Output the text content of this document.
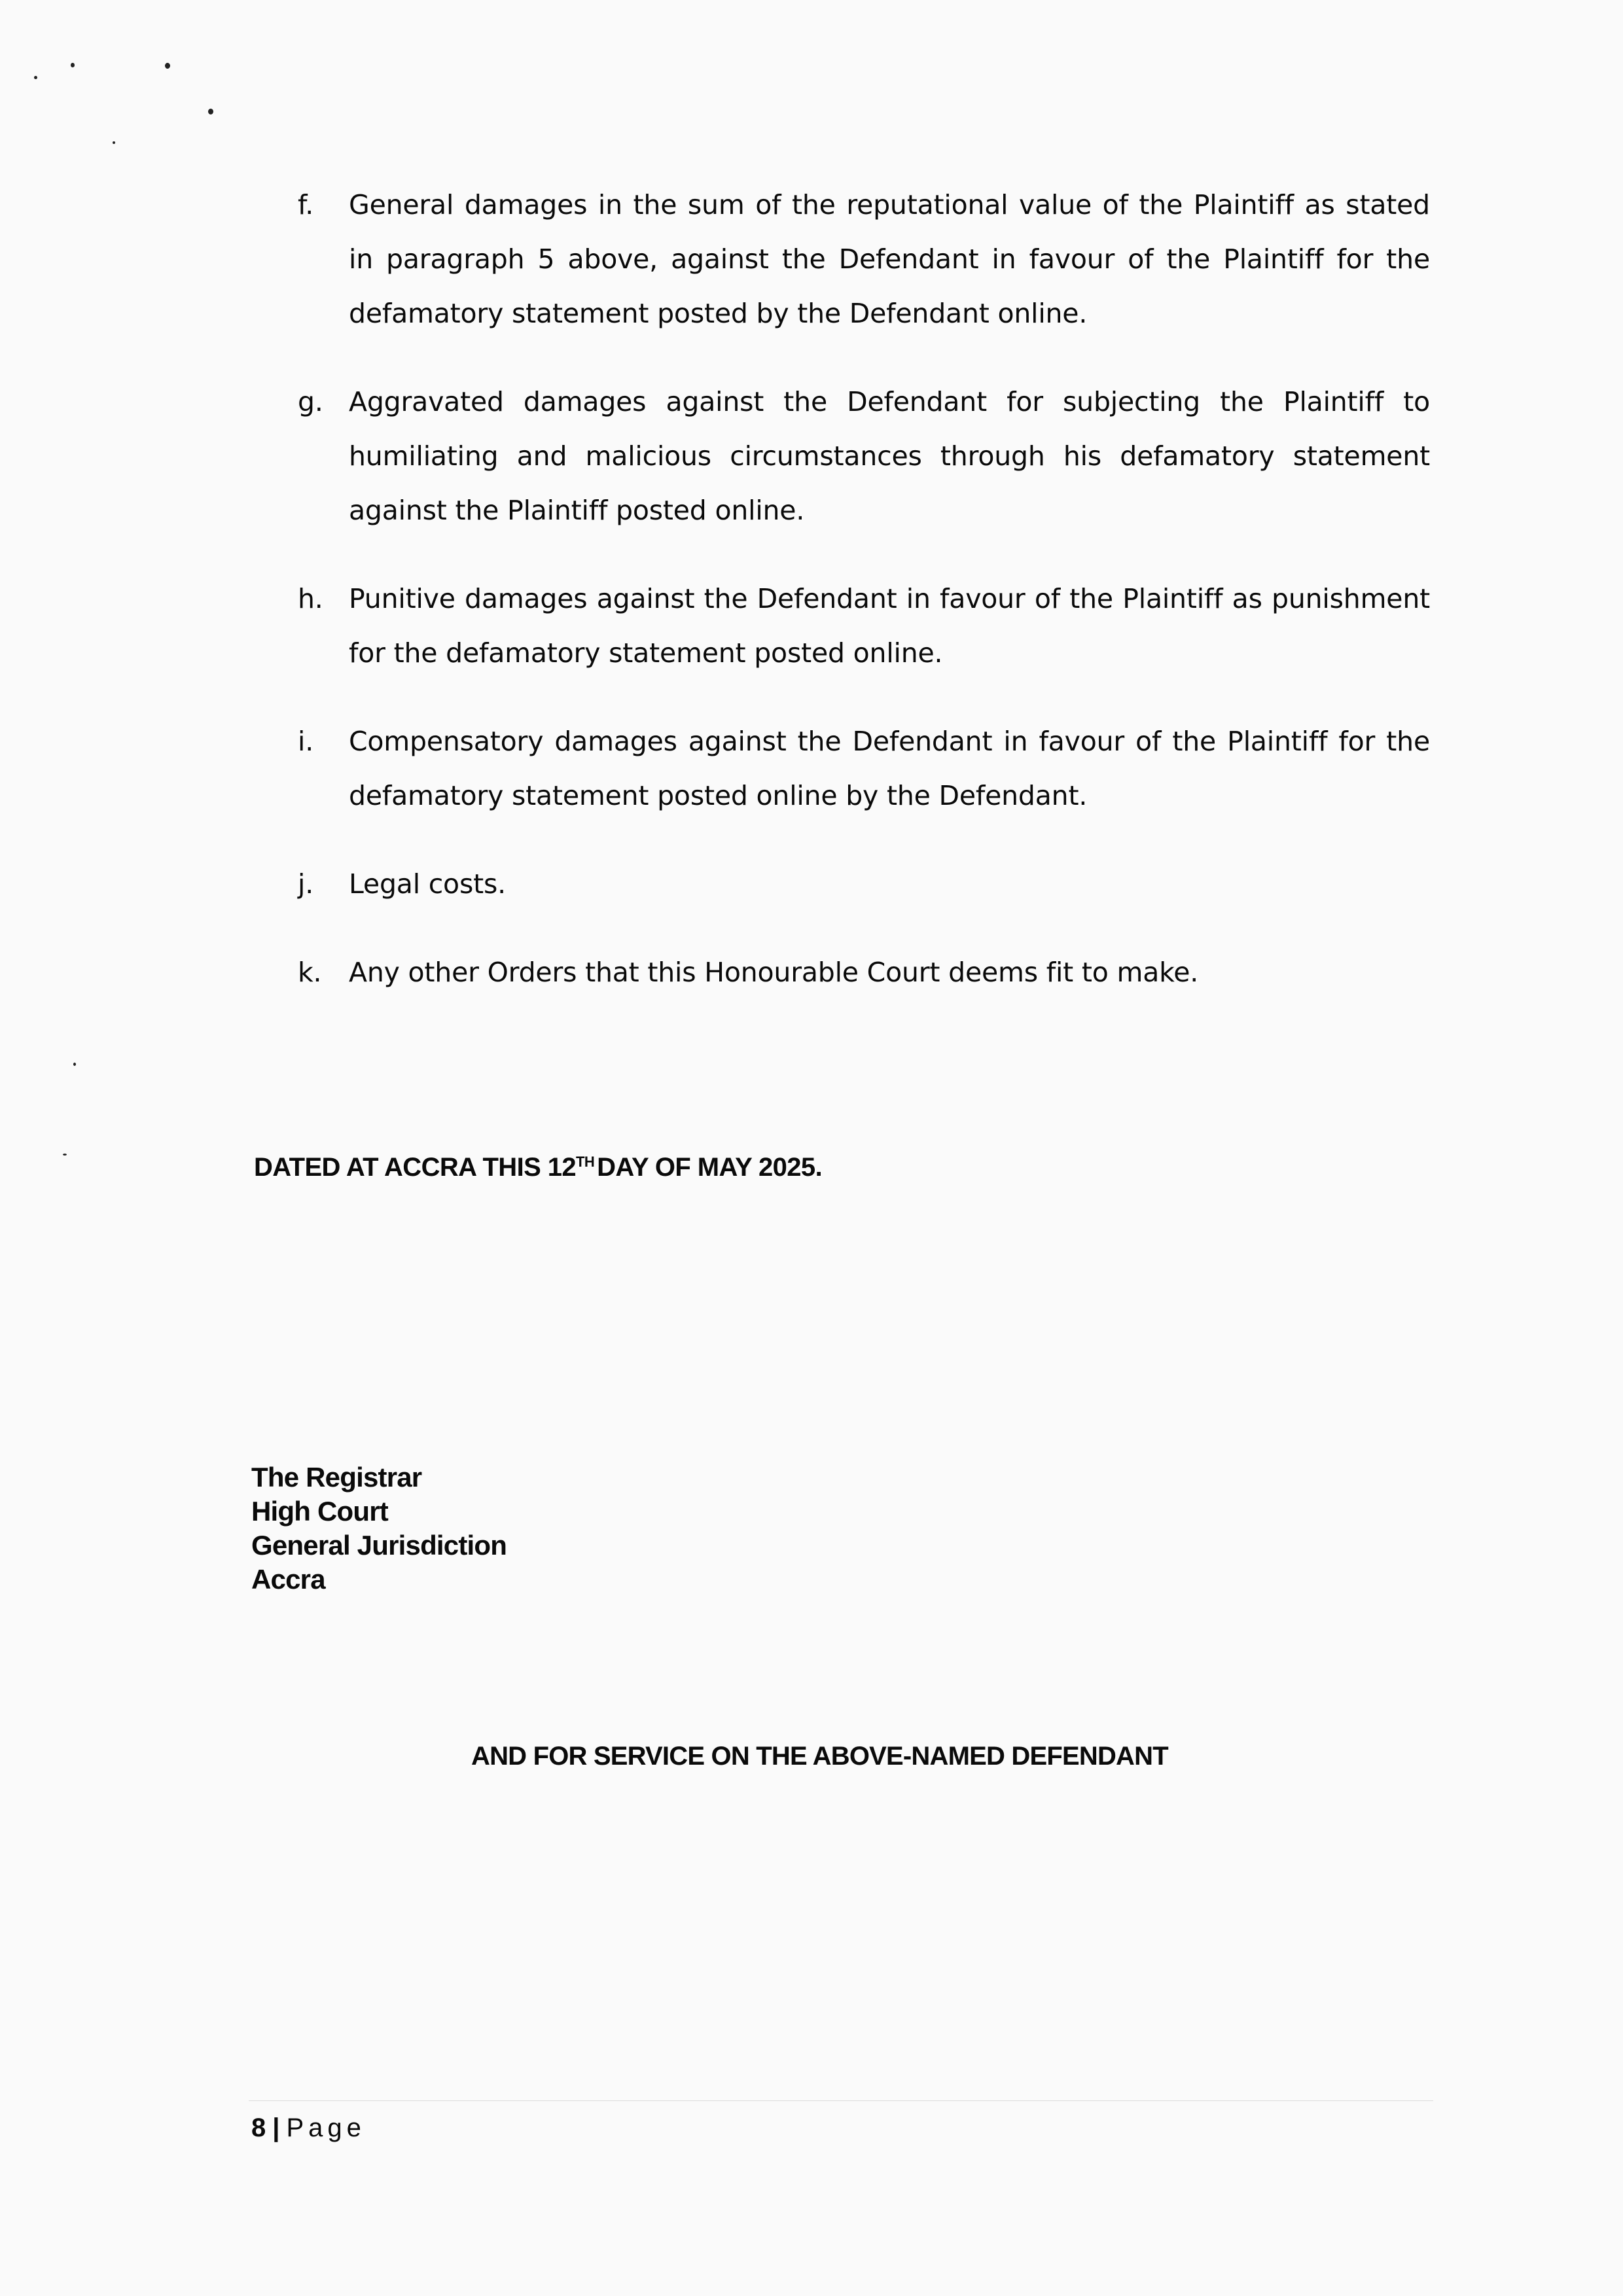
f. General damages in the sum of the reputational value of the Plaintiff as stated in paragraph 5 above, against the Defendant in favour of the Plaintiff for the defamatory statement posted by the Defendant online.
g. Aggravated damages against the Defendant for subjecting the Plaintiff to humiliating and malicious circumstances through his defamatory statement against the Plaintiff posted online.
h. Punitive damages against the Defendant in favour of the Plaintiff as punishment for the defamatory statement posted online.
i. Compensatory damages against the Defendant in favour of the Plaintiff for the defamatory statement posted online by the Defendant.
j. Legal costs.
k. Any other Orders that this Honourable Court deems fit to make.
DATED AT ACCRA THIS 12TH DAY OF MAY 2025.
The Registrar
High Court
General Jurisdiction
Accra
AND FOR SERVICE ON THE ABOVE-NAMED DEFENDANT
8 | Page
